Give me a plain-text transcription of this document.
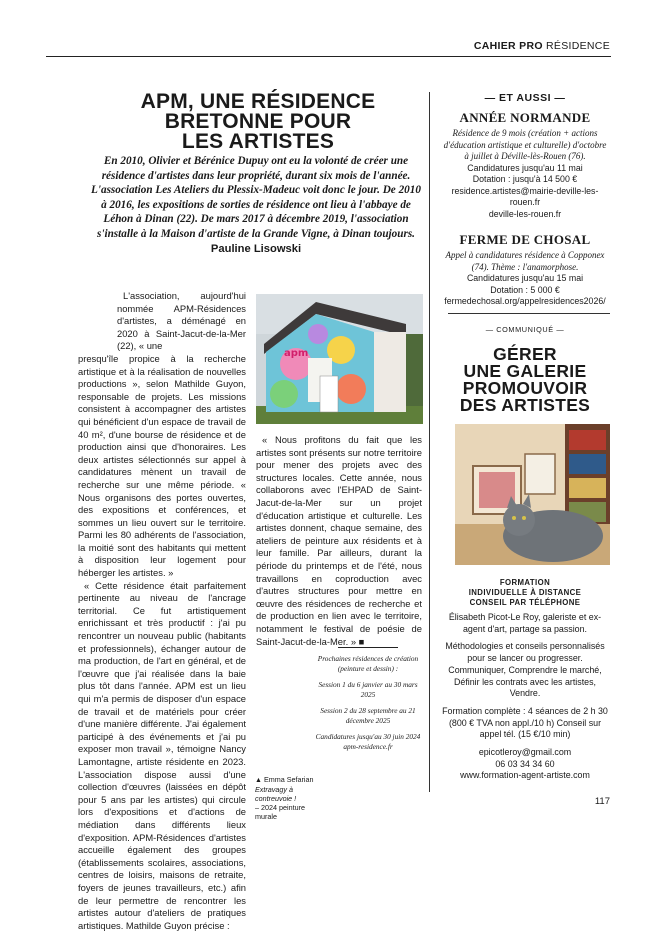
CAHIER PRO RÉSIDENCE
APM, UNE RÉSIDENCE
BRETONNE POUR
LES ARTISTES
En 2010, Olivier et Bérénice Dupuy ont eu la volonté de créer une résidence d'artistes dans leur propriété, durant six mois de l'année. L'association Les Ateliers du Plessix-Madeuc voit donc le jour. De 2010 à 2016, les expositions de sorties de résidence ont lieu à l'abbaye de Léhon à Dinan (22). De mars 2017 à décembre 2019, l'association s'installe à la Maison d'artiste de la Grande Vigne, à Dinan toujours. Pauline Lisowski

L'association, aujourd'hui nommée APM-Résidences d'artistes, a déménagé en 2020 à Saint-Jacut-de-la-Mer (22), « une

presqu'île propice à la recherche artistique et à la réalisation de nouvelles productions », selon Mathilde Guyon, responsable de projets. Les missions consistent à accompagner des artistes qui bénéficient d'un espace de travail de 40 m², d'une bourse de résidence et de production ainsi que d'honoraires. Les deux artistes sélectionnés sur appel à candidatures mènent un travail de recherche sur une même période. « Nous organisons des portes ouvertes, des expositions et conférences, et sommes un lieu ouvert sur le territoire. Parmi les 80 adhérents de l'association, la moitié sont des habitants qui mettent à disposition leur logement pour héberger les artistes. »

« Cette résidence était parfaitement pertinente au niveau de l'ancrage territorial. Ce fut artistiquement enrichissant et très productif : j'ai pu rencontrer un nouveau public (habitants et professionnels), échanger autour de ma production, de l'art en général, et de l'œuvre que j'ai réalisée dans la baie plus tôt dans l'année. APM est un lieu qui m'a permis de disposer d'un espace de travail et de matériels pour créer d'une manière différente. J'ai également participé à des événements et j'ai pu exposer mon travail », témoigne Nancy Lamontagne, artiste résidente en 2023. L'association dispose aussi d'une collection d'œuvres (laissées en dépôt pour 5 ans par les artistes) qui circule lors d'expositions et d'actions de médiation dans différents lieux d'exposition. APM-Résidences d'artistes accueille également des groupes (établissements scolaires, associations, centres de loisirs, maisons de retraite, foyers de jeunes travailleurs, etc.) afin de leur permettre de rencontrer les artistes autour d'ateliers de pratiques artistiques. Mathilde Guyon précise :

apm

« Nous profitons du fait que les artistes sont présents sur notre territoire pour mener des projets avec des structures locales. Cette année, nous collaborons avec l'EHPAD de Saint-Jacut-de-la-Mer sur un projet d'éducation artistique et culturelle. Les artistes donnent, chaque semaine, des ateliers de peinture aux résidents et à leur famille. Par ailleurs, durant la période du printemps et de l'été, nous travaillons en coproduction avec d'autres structures pour mettre en œuvre des résidences de recherche et de production en lien avec le territoire, notamment le festival de poésie de Saint-Jacut-de-la-Mer. » ■

Prochaines résidences de création (peinture et dessin) :

Session 1 du 6 janvier au 30 mars 2025

Session 2 du 28 septembre au 21 décembre 2025

Candidatures jusqu'au 30 juin 2024 apm-residence.fr

▲ Emma Sefarian
Extravagy à contreuvoie !
– 2024 peinture murale
— ET AUSSI —
ANNÉE NORMANDE
Résidence de 9 mois (création + actions d'éducation artistique et culturelle) d'octobre à juillet à Déville-lès-Rouen (76).
Candidatures jusqu'au 11 mai
Dotation : jusqu'à 14 500 €
residence.artistes@mairie-deville-les-rouen.fr
deville-les-rouen.fr
FERME DE CHOSAL
Appel à candidatures résidence à Copponex (74). Thème : l'anamorphose.
Candidatures jusqu'au 15 mai
Dotation : 5 000 €
fermedechosal.org/appelresidences2026/
— COMMUNIQUÉ —
GÉRER
UNE GALERIE
PROMOUVOIR
DES ARTISTES
FORMATION
INDIVIDUELLE À DISTANCE
CONSEIL PAR TÉLÉPHONE

Élisabeth Picot-Le Roy, galeriste et ex-agent d'art, partage sa passion.

Méthodologies et conseils personnalisés pour se lancer ou progresser. Communiquer, Comprendre le marché, Définir les contrats avec les artistes, Vendre.

Formation complète : 4 séances de 2 h 30 (800 € TVA non appl./10 h) Conseil sur appel tél. (15 €/10 min)

epicotleroy@gmail.com
06 03 34 34 60
www.formation-agent-artiste.com
117
